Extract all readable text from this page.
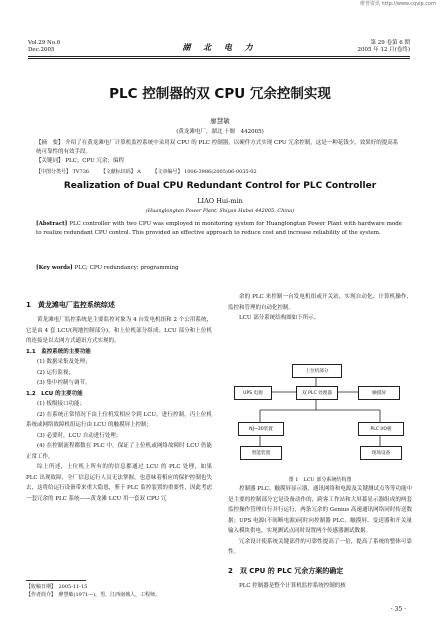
维普资讯 http://www.cqvip.com
Vol.29 No.6
Dec.2005	湖 北 电 力	第 29 卷第 6 期
2005 年 12 月(卷终)
PLC 控制器的双 CPU 冗余控制实现
廖慧敏
(黄龙滩电厂，湖北 十堰　442005)
【摘　要】 介绍了在黄龙滩电厂计算机监控系统中采用双 CPU 的 PLC 控制器，以硬件方式实现 CPU 冗余控制，这是一种花钱少，效果好的提高系统可靠性的有效手段。
【关键词】 PLC；CPU 冗余；编程
【中图分类号】 TV736 【文献标识码】 A 【文章编号】 1006-3986(2005)06-0035-02
Realization of Dual CPU Redundant Control for PLC Controller
LIAO Hui-min
(Huanglongtan Power Plant, Shiyan Hubei 442005, China)
[Abstract] PLC controller with two CPU was employed in monitoring system for Huanglongtan Power Plant with hardware mode to realize redundant CPU control. This provided an effective approach to reduce cost and increase reliability of the system.
[Key words] PLC; CPU redundancy; programming
1　黄龙滩电厂监控系统综述

黄龙滩电厂监控系统是主要监控对象为 4 台发电机组和 2 个公用系统，它是由 4 套 LCU(现地控制部分)，和上位机部分组成；LCU 部分和上位机的连接是以太网方式通讯方式实现的。

1.1　监控系统的主要功能

(1) 数据采集及处理；

(2) 运行监视；

(3) 集中控制与调节。

1.2　LCU 的主要功能

(1) 板级接口功能；

(2) 在系统正常情况下由上位机发相应令到 LCU，进行控制，丙上位机系统或网络故障机组运行由 LCU 的触摸屏上控制；

(3) 必要时，LCU 自动进行处理；

(4) 在控制流程都数在 PLC 中，保证了上位机或网络故障时 LCU 仍能正常工作。

综上所述，上位机上所有的的信息都通过 LCU 的 PLC 处理，如果 PLC 出现故障，全厂信息运行人员无法掌握，也意味着相应的保护控制也失去，这将给运行设备带来重大隐患，鉴于 PLC 监控装置的重要性，因此考虑一套冗余的 PLC 系统——黄龙滩 LCU 用一套双 CPU 冗

余的 PLC 来控制一台发电机组或开关站，实现自动化、计算机操作、监控和管理的自动化控制。

LCU 部分系统结构图如下所示。

上位机部分
UPS 电源	双 PLC 处理器	触摸屏
NJ~30装置	PLC I/O板
智能装置	现场设备
图 1　LCU 部分系统结构图

控制器 PLC、触摸屏显示器、通讯网络和电源及关键测试点等等功能中是主要的控制部分它是设备动作的，跨客工作站和大屏幕显示器组成的两套监控操作管理自行并行运行，两条冗余的 Genius 高速通讯网络同时传送数据；UPS 电源(不间断电源)同时向控制器 PLC、触摸屏、变送器和开关量输入模块供电，实现测试点同时设置两个传感器测试数据。

冗余设计使系统关键部件的可靠性提高了一倍，提高了系统的整体可靠性。

2　双 CPU 的 PLC 冗余方案的确定

PLC 控制器是整个计算机监控系统控制的核

【收稿日期】　2005-11-15
【作者简介】　廖慧敏(1971—)，男，江西南城人，工程师。
· 35 ·
